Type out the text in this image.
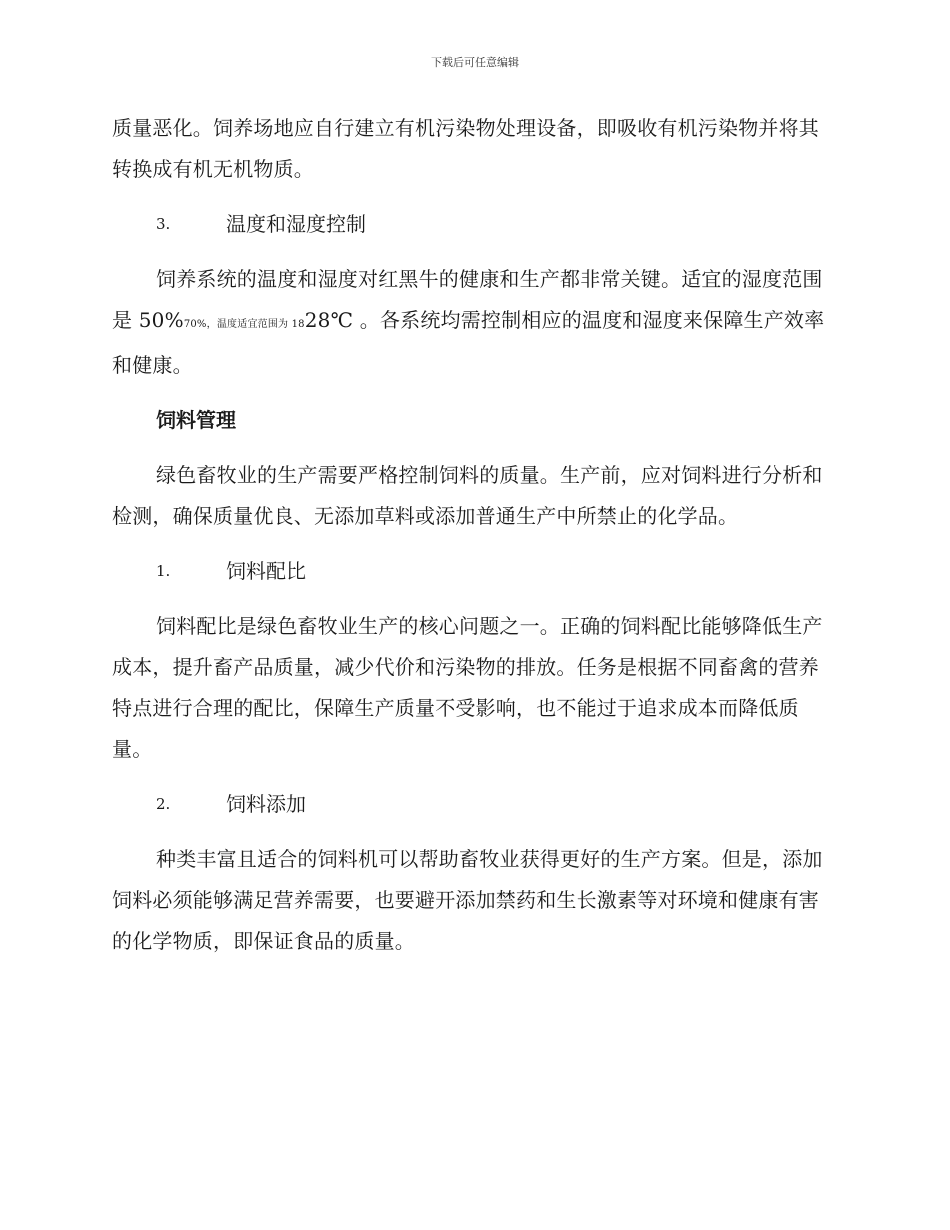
下载后可任意编辑

质量恶化。饲养场地应自行建立有机污染物处理设备，即吸收有机污染物并将其转换成有机无机物质。

3.	温度和湿度控制

饲养系统的温度和湿度对红黑牛的健康和生产都非常关键。适宜的湿度范围是 50%70%，温度适宜范围为 1828℃ 。各系统均需控制相应的温度和湿度来保障生产效率和健康。

饲料管理

绿色畜牧业的生产需要严格控制饲料的质量。生产前，应对饲料进行分析和检测，确保质量优良、无添加草料或添加普通生产中所禁止的化学品。

1.	饲料配比

饲料配比是绿色畜牧业生产的核心问题之一。正确的饲料配比能够降低生产成本，提升畜产品质量，减少代价和污染物的排放。任务是根据不同畜禽的营养特点进行合理的配比，保障生产质量不受影响，也不能过于追求成本而降低质量。

2.	饲料添加

种类丰富且适合的饲料机可以帮助畜牧业获得更好的生产方案。但是，添加饲料必须能够满足营养需要，也要避开添加禁药和生长激素等对环境和健康有害的化学物质，即保证食品的质量。
